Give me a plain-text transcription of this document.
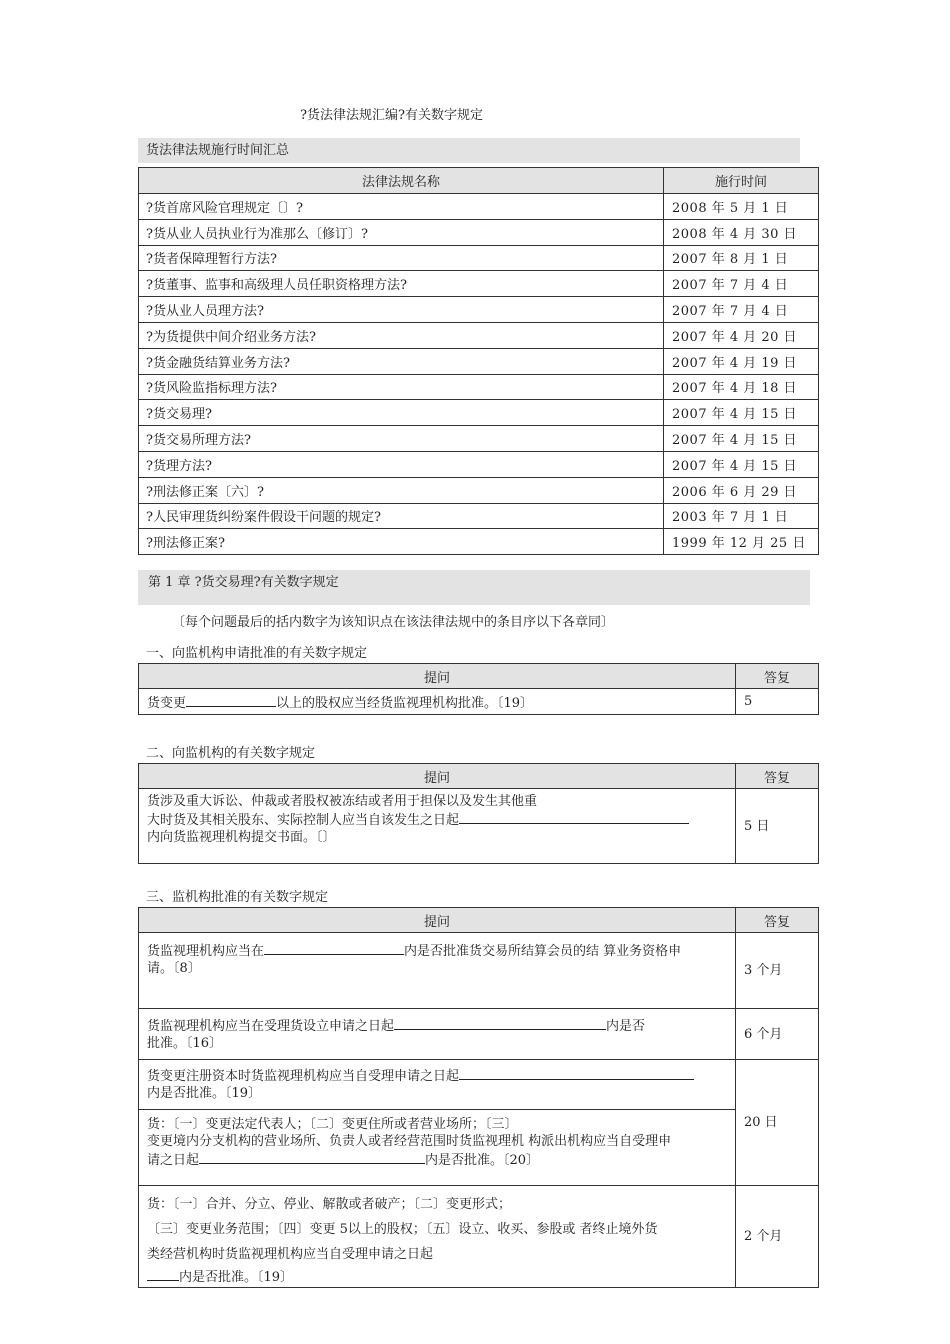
?货法律法规汇编?有关数字规定
货法律法规施行时间汇总
法律法规名称	施行时间
?货首席风险官理规定〔〕?	2008 年 5 月 1 日
?货从业人员执业行为准那么〔修订〕?	2008 年 4 月 30 日
?货者保障理暂行方法?	2007 年 8 月 1 日
?货董事、监事和高级理人员任职资格理方法?	2007 年 7 月 4 日
?货从业人员理方法?	2007 年 7 月 4 日
?为货提供中间介绍业务方法?	2007 年 4 月 20 日
?货金融货结算业务方法?	2007 年 4 月 19 日
?货风险监指标理方法?	2007 年 4 月 18 日
?货交易理?	2007 年 4 月 15 日
?货交易所理方法?	2007 年 4 月 15 日
?货理方法?	2007 年 4 月 15 日
?刑法修正案〔六〕?	2006 年 6 月 29 日
?人民审理货纠纷案件假设干问题的规定?	2003 年 7 月 1 日
?刑法修正案?	1999 年 12 月 25 日
第 1 章 ?货交易理?有关数字规定
〔每个问题最后的括内数字为该知识点在该法律法规中的条目序以下各章同〕
一、向监机构申请批准的有关数字规定
提问	答复
货变更 以上的股权应当经货监视理机构批准。〔19〕	5
二、向监机构的有关数字规定
提问	答复

货涉及重大诉讼、仲裁或者股权被冻结或者用于担保以及发生其他重
大时货及其相关股东、实际控制人应当自该发生之日起
内向货监视理机构提交书面。〔〕	5 日
三、监机构批准的有关数字规定
提问	答复

货监视理机构应当在 内是否批准货交易所结算会员的结 算业务资格申
请。〔8〕	3 个月

货监视理机构应当在受理货设立申请之日起 内是否
批准。〔16〕	6 个月

货变更注册资本时货监视理机构应当自受理申请之日起
内是否批准。〔19〕	20 日

货：〔一〕变更法定代表人；〔二〕变更住所或者营业场所；〔三〕
变更境内分支机构的营业场所、负责人或者经营范围时货监视理机 构派出机构应当自受理申
请之日起 内是否批准。〔20〕	

货：〔一〕合并、分立、停业、解散或者破产；〔二〕变更形式；
〔三〕变更业务范围；〔四〕变更 5以上的股权；〔五〕设立、收买、参股或 者终止境外货
类经营机构时货监视理机构应当自受理申请之日起
内是否批准。〔19〕	2 个月
